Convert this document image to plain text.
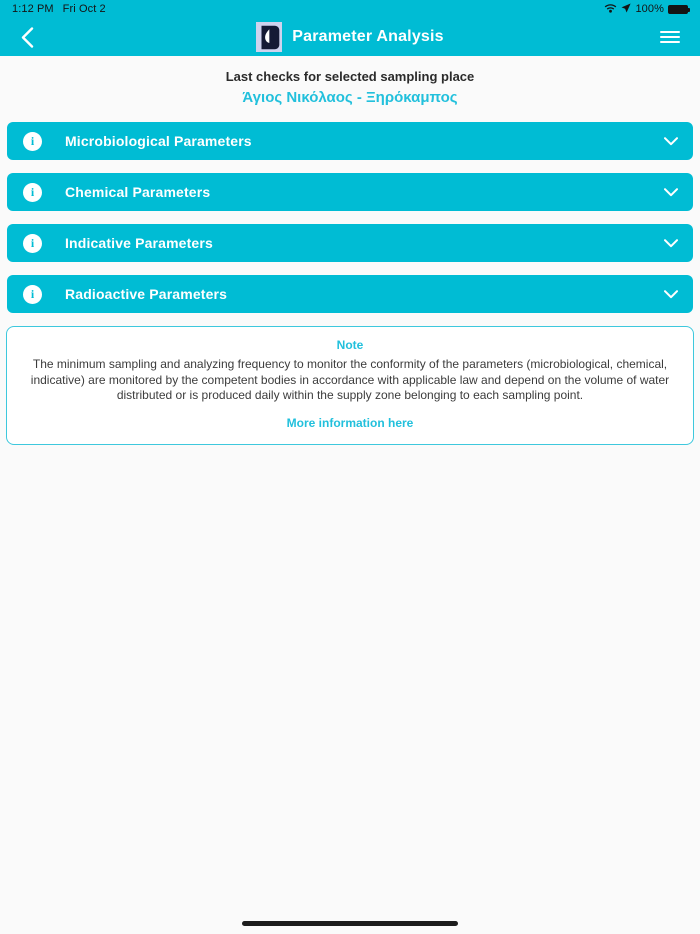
1:12 PM Fri Oct 2	100%
Parameter Analysis
Last checks for selected sampling place
Άγιος Νικόλαος - Ξηρόκαμπος
i Microbiological Parameters
i Chemical Parameters
i Indicative Parameters
i Radioactive Parameters
Note
The minimum sampling and analyzing frequency to monitor the conformity of the parameters (microbiological, chemical, indicative) are monitored by the competent bodies in accordance with applicable law and depend on the volume of water distributed or is produced daily within the supply zone belonging to each sampling point.
More information here
